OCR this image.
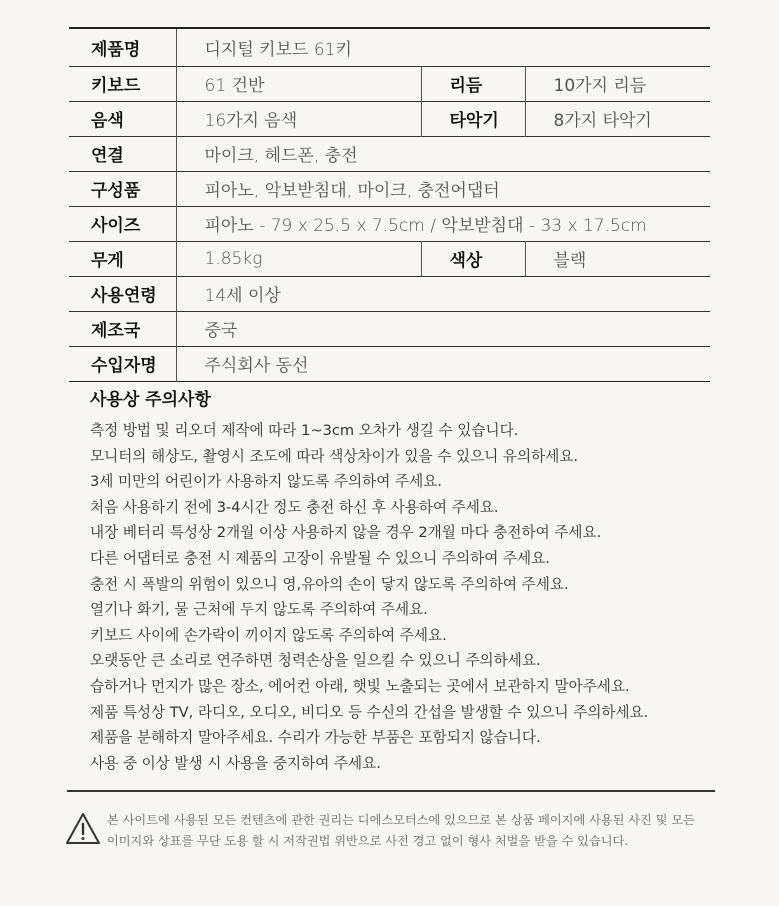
제품명	디지털 키보드 61키		
키보드	61 건반	리듬	10가지 리듬
음색	16가지 음색	타악기	8가지 타악기
연결	마이크, 헤드폰, 충전		
구성품	피아노, 악보받침대, 마이크, 충전어댑터		
사이즈	피아노 - 79 x 25.5 x 7.5cm / 악보받침대 - 33 x 17.5cm		
무게	1.85kg	색상	블랙
사용연령	14세 이상		
제조국	중국		
수입자명	주식회사 동선		
사용상 주의사항
측정 방법 및 리오더 제작에 따라 1~3cm 오차가 생길 수 있습니다.
모니터의 해상도, 촬영시 조도에 따라 색상차이가 있을 수 있으니 유의하세요.
3세 미만의 어린이가 사용하지 않도록 주의하여 주세요.
처음 사용하기 전에 3-4시간 정도 충전 하신 후 사용하여 주세요.
내장 베터리 특성상 2개월 이상 사용하지 않을 경우 2개월 마다 충전하여 주세요.
다른 어댑터로 충전 시 제품의 고장이 유발될 수 있으니 주의하여 주세요.
충전 시 폭발의 위험이 있으니 영,유아의 손이 닿지 않도록 주의하여 주세요.
열기나 화기, 물 근처에 두지 않도록 주의하여 주세요.
키보드 사이에 손가락이 끼이지 않도록 주의하여 주세요.
오랫동안 큰 소리로 연주하면 청력손상을 일으킬 수 있으니 주의하세요.
습하거나 먼지가 많은 장소, 에어컨 아래, 햇빛 노출되는 곳에서 보관하지 말아주세요.
제품 특성상 TV, 라디오, 오디오, 비디오 등 수신의 간섭을 발생할 수 있으니 주의하세요.
제품을 분해하지 말아주세요. 수리가 가능한 부품은 포함되지 않습니다.
사용 중 이상 발생 시 사용을 중지하여 주세요.
본 사이트에 사용된 모든 컨텐츠에 관한 권리는 디에스모터스에 있으므로 본 상품 페이지에 사용된 사진 및 모든
이미지와 상표를 무단 도용 할 시 저작권법 위반으로 사전 경고 없이 형사 처벌을 받을 수 있습니다.
